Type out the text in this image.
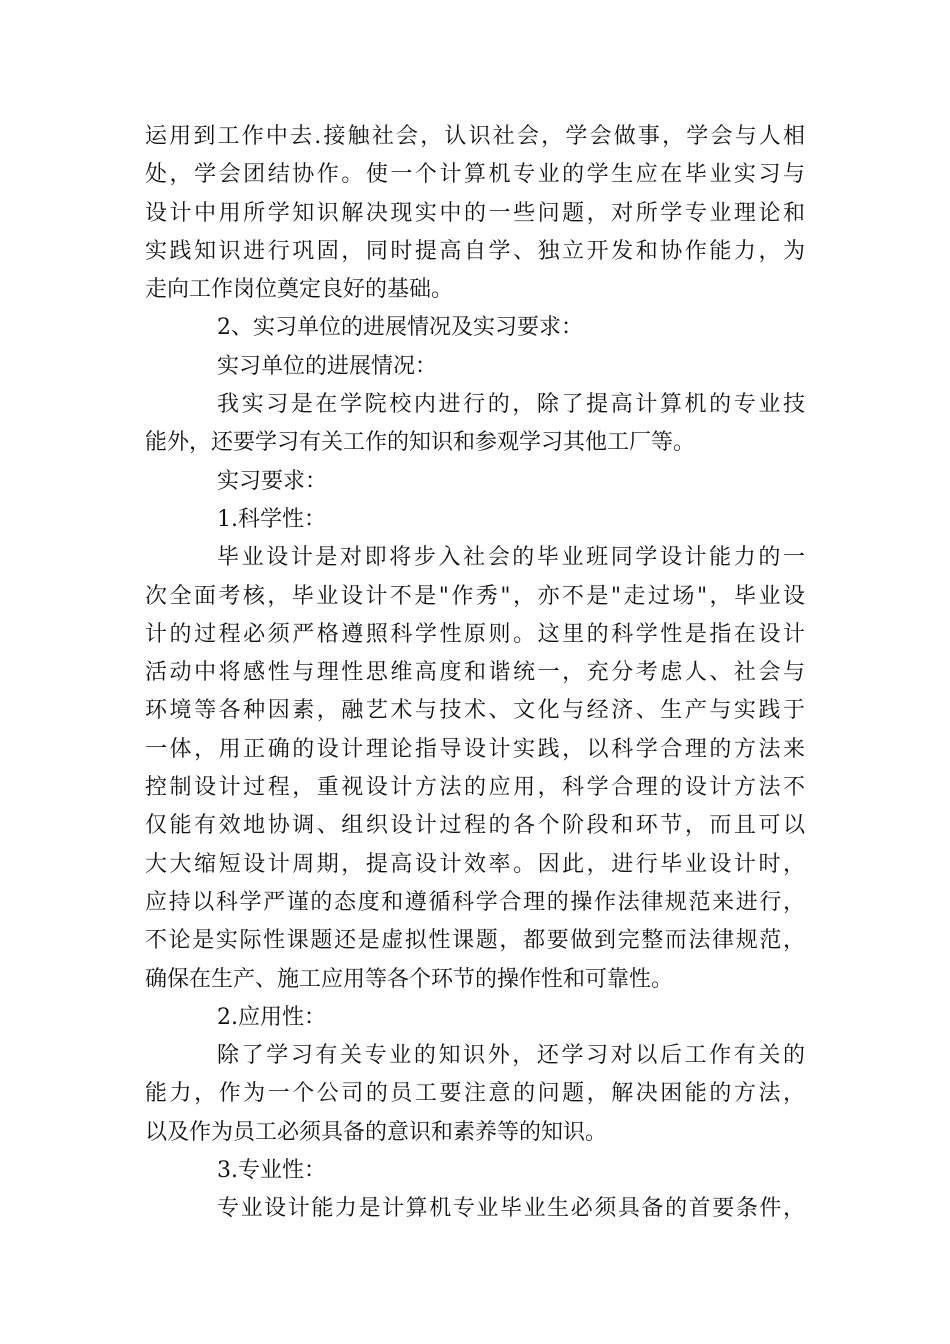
运用到工作中去.接触社会，认识社会，学会做事，学会与人相
处，学会团结协作。使一个计算机专业的学生应在毕业实习与
设计中用所学知识解决现实中的一些问题，对所学专业理论和
实践知识进行巩固，同时提高自学、独立开发和协作能力，为
走向工作岗位奠定良好的基础。
2、实习单位的进展情况及实习要求：
实习单位的进展情况：
我实习是在学院校内进行的，除了提高计算机的专业技
能外，还要学习有关工作的知识和参观学习其他工厂等。
实习要求：
1.科学性：
毕业设计是对即将步入社会的毕业班同学设计能力的一
次全面考核，毕业设计不是"作秀"，亦不是"走过场"，毕业设
计的过程必须严格遵照科学性原则。这里的科学性是指在设计
活动中将感性与理性思维高度和谐统一，充分考虑人、社会与
环境等各种因素，融艺术与技术、文化与经济、生产与实践于
一体，用正确的设计理论指导设计实践，以科学合理的方法来
控制设计过程，重视设计方法的应用，科学合理的设计方法不
仅能有效地协调、组织设计过程的各个阶段和环节，而且可以
大大缩短设计周期，提高设计效率。因此，进行毕业设计时，
应持以科学严谨的态度和遵循科学合理的操作法律规范来进行，
不论是实际性课题还是虚拟性课题，都要做到完整而法律规范，
确保在生产、施工应用等各个环节的操作性和可靠性。
2.应用性：
除了学习有关专业的知识外，还学习对以后工作有关的
能力，作为一个公司的员工要注意的问题，解决困能的方法，
以及作为员工必须具备的意识和素养等的知识。
3.专业性：
专业设计能力是计算机专业毕业生必须具备的首要条件，
